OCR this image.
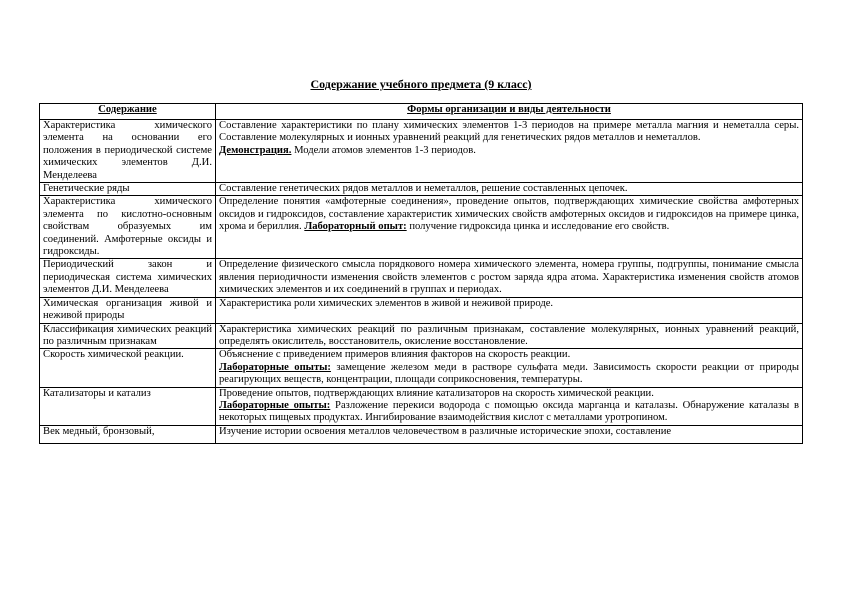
Содержание учебного предмета (9 класс)
Содержание	Формы организации и виды деятельности
Характеристика химического элемента на основании его положения в периодической системе химических элементов Д.И. Менделеева	Составление характеристики по плану химических элементов 1-3 периодов на примере металла магния и неметалла серы. Составление молекулярных и ионных уравнений реакций для генетических рядов металлов и неметаллов.
Демонстрация. Модели атомов элементов 1-3 периодов.

Генетические ряды	Составление генетических рядов металлов и неметаллов, решение составленных цепочек.
Характеристика химического элемента по кислотно-основным свойствам образуемых им соединений. Амфотерные оксиды и гидроксиды.	Определение понятия «амфотерные соединения», проведение опытов, подтверждающих химические свойства амфотерных оксидов и гидроксидов, составление характеристик химических свойств амфотерных оксидов и гидроксидов на примере цинка, хрома и бериллия. Лабораторный опыт: получение гидроксида цинка и исследование его свойств.
Периодический закон и периодическая система химических элементов Д.И. Менделеева	Определение физического смысла порядкового номера химического элемента, номера группы, подгруппы, понимание смысла явления периодичности изменения свойств элементов с ростом заряда ядра атома. Характеристика изменения свойств атомов химических элементов и их соединений в группах и периодах.
Химическая организация живой и неживой природы	Характеристика роли химических элементов в живой и неживой природе.
Классификация химических реакций по различным признакам	Характеристика химических реакций по различным признакам, составление молекулярных, ионных уравнений реакций, определять окислитель, восстановитель, окисление восстановление.
Скорость химической реакции.	Объяснение с приведением примеров влияния факторов на скорость реакции.
Лабораторные опыты: замещение железом меди в растворе сульфата меди. Зависимость скорости реакции от природы реагирующих веществ, концентрации, площади соприкосновения, температуры.

Катализаторы и катализ	Проведение опытов, подтверждающих влияние катализаторов на скорость химической реакции.
Лабораторные опыты: Разложение перекиси водорода с помощью оксида марганца и каталазы. Обнаружение каталазы в некоторых пищевых продуктах. Ингибирование взаимодействия кислот с металлами уротропином.

Век медный, бронзовый,	Изучение истории освоения металлов человечеством в различные исторические эпохи, составление
